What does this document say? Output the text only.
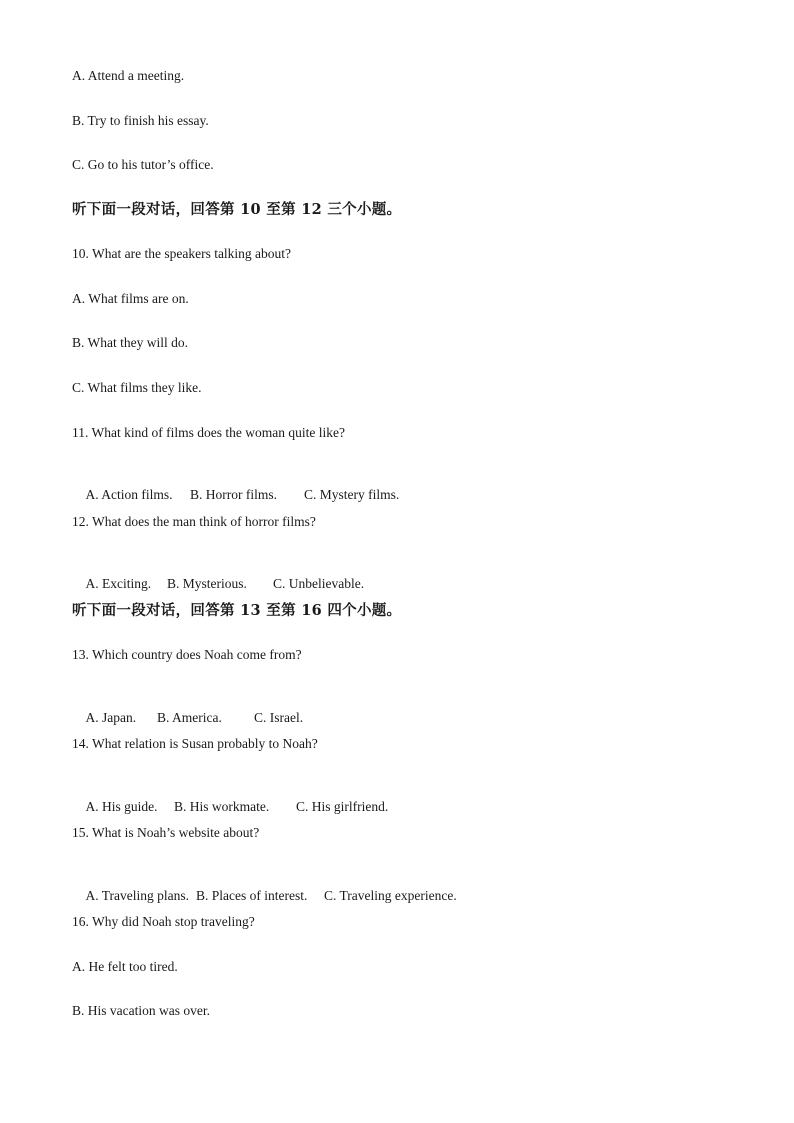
A. Attend a meeting.
B. Try to finish his essay.
C. Go to his tutor’s office.
听下面一段对话，回答第 10 至第 12 三个小题。
10. What are the speakers talking about?
A. What films are on.
B. What they will do.
C. What films they like.
11. What kind of films does the woman quite like?

A. Action films. B. Horror films. C. Mystery films.

12. What does the man think of horror films?

A. Exciting. B. Mysterious. C. Unbelievable.

听下面一段对话，回答第 13 至第 16 四个小题。
13. Which country does Noah come from?

A. Japan. B. America. C. Israel.

14. What relation is Susan probably to Noah?

A. His guide. B. His workmate. C. His girlfriend.

15. What is Noah’s website about?

A. Traveling plans. B. Places of interest. C. Traveling experience.

16. Why did Noah stop traveling?
A. He felt too tired.
B. His vacation was over.
